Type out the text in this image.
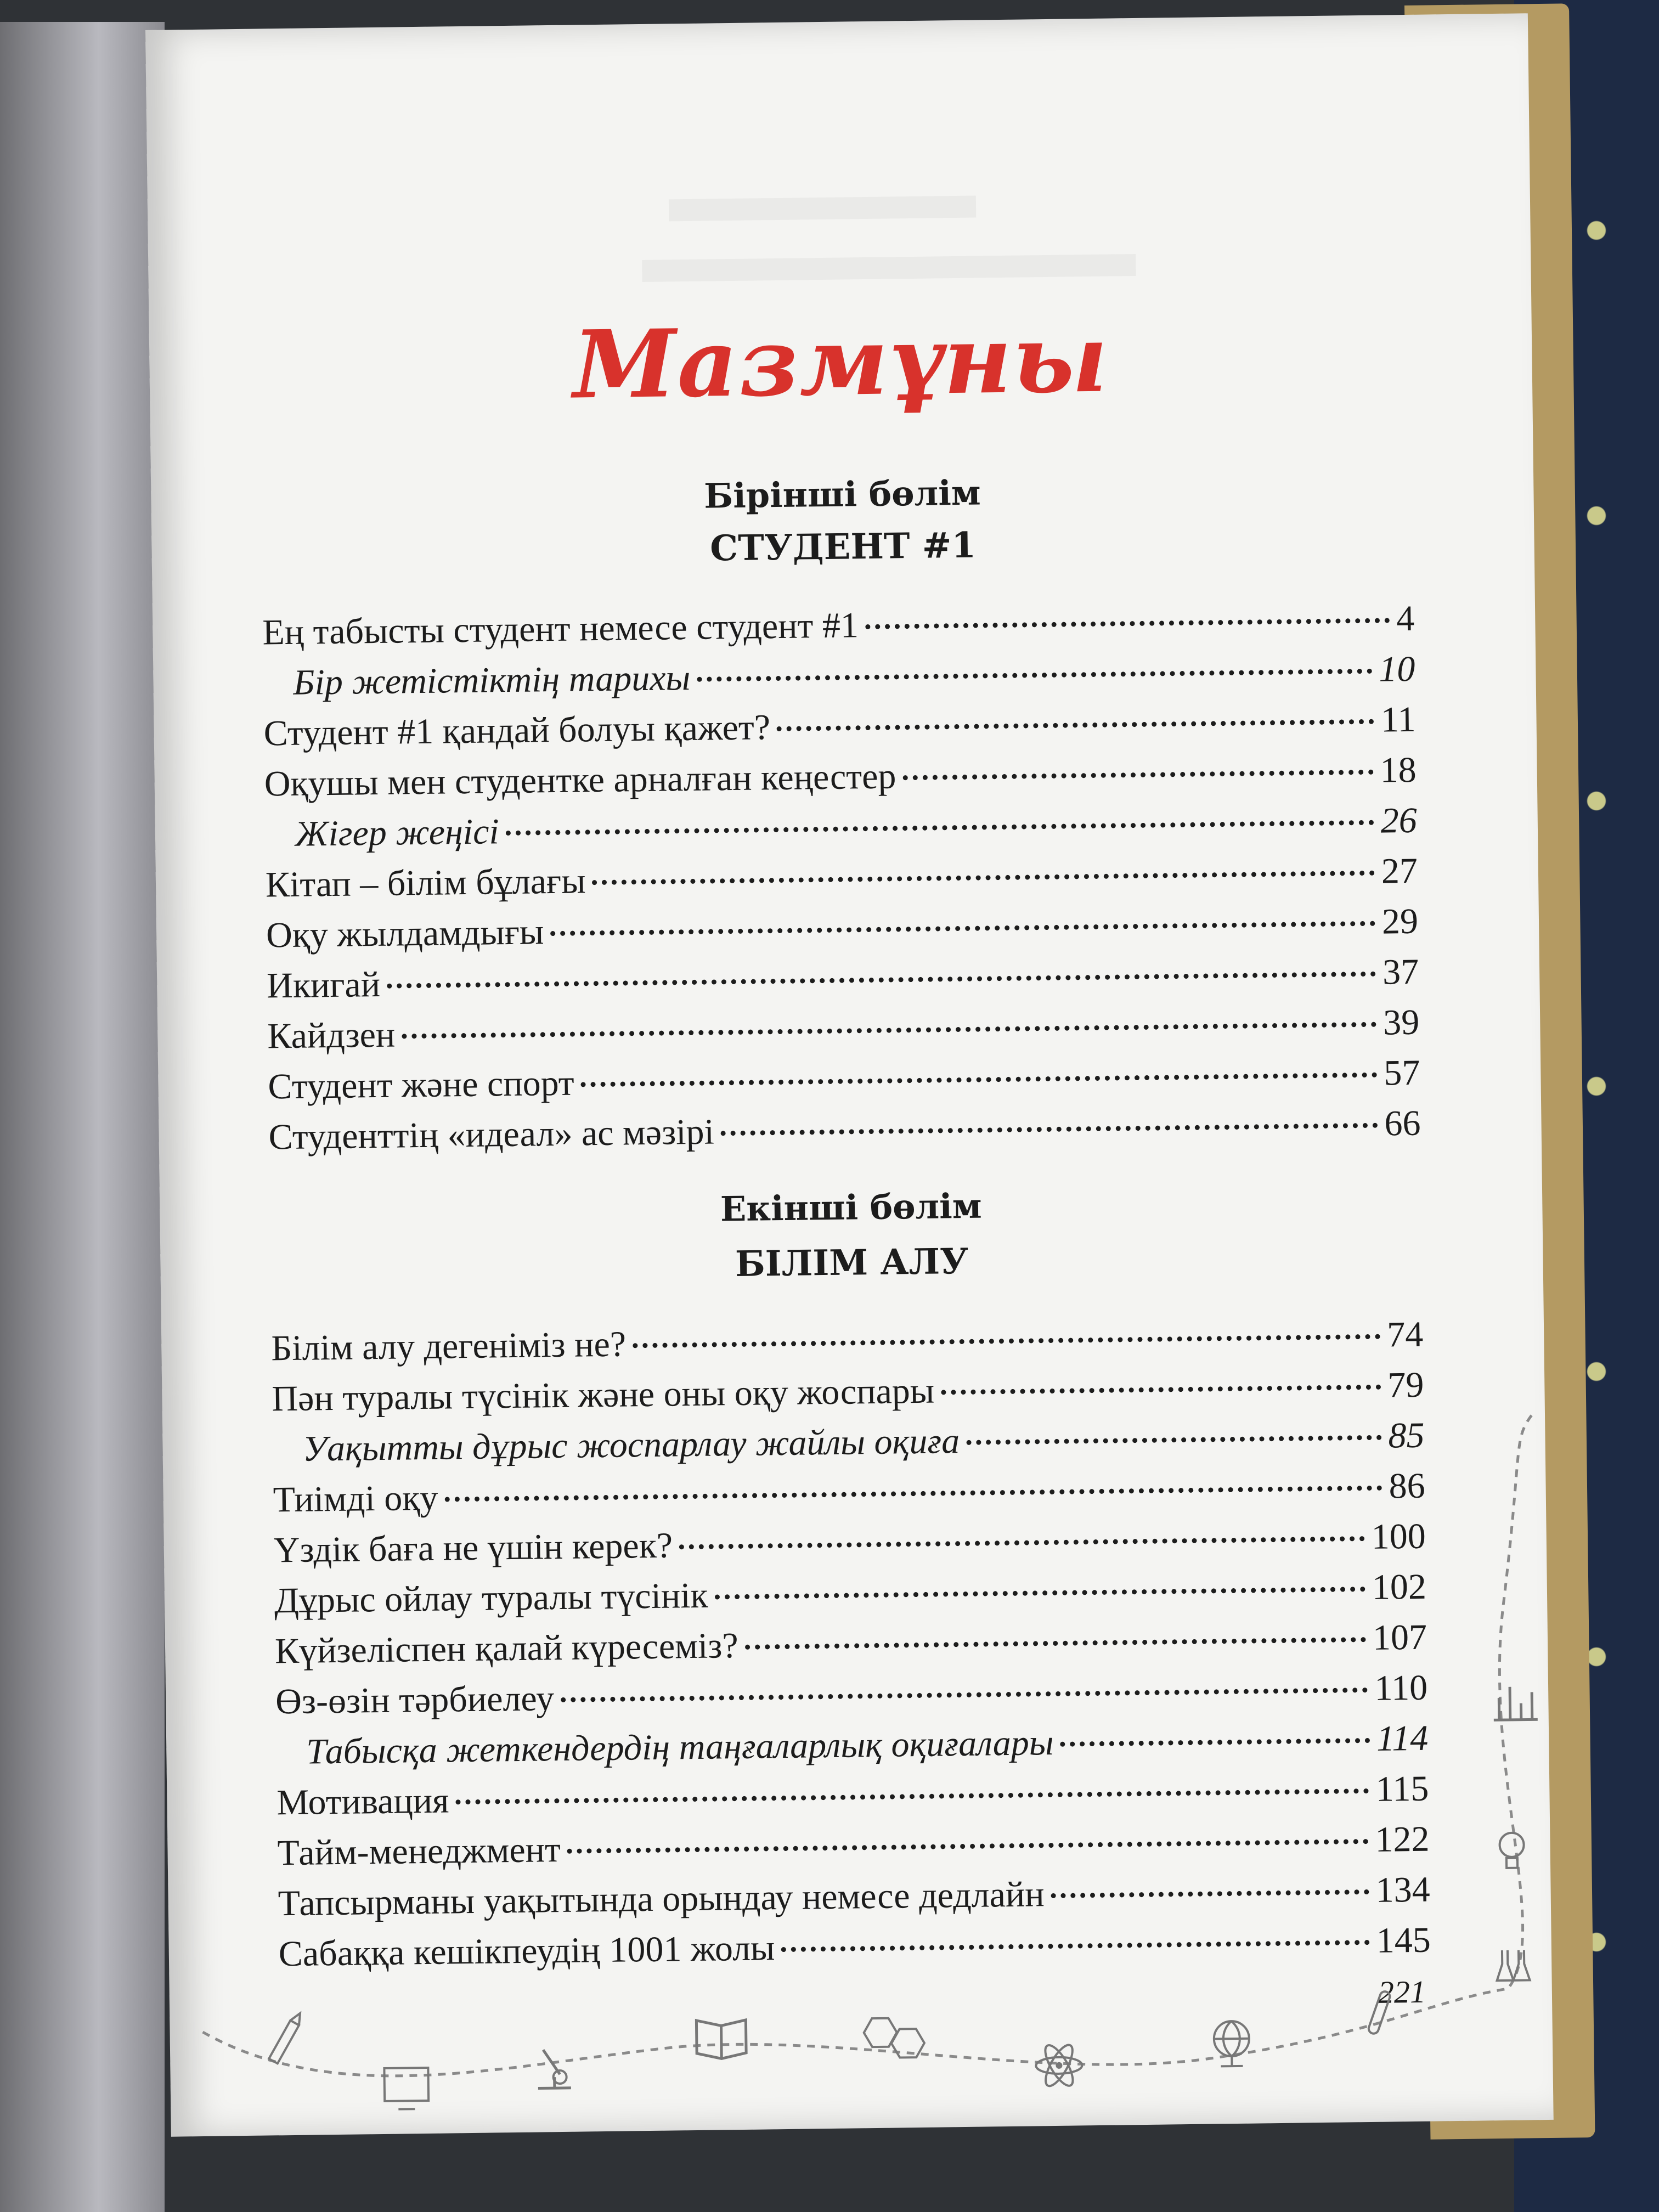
Мазмұны
Бірінші бөлім
СТУДЕНТ #1
Ең табысты студент немесе студент #1	4
Бір жетістіктің тарихы	10
Студент #1 қандай болуы қажет?	11
Оқушы мен студентке арналған кеңестер	18
Жігер жеңісі	26
Кітап – білім бұлағы	27
Оқу жылдамдығы	29
Икигай	37
Кайдзен	39
Студент және спорт	57
Студенттің «идеал» ас мәзірі	66
Екінші бөлім
БІЛІМ АЛУ
Білім алу дегеніміз не?	74
Пән туралы түсінік және оны оқу жоспары	79
Уақытты дұрыс жоспарлау жайлы оқиға	85
Тиімді оқу	86
Үздік баға не үшін керек?	100
Дұрыс ойлау туралы түсінік	102
Күйзеліспен қалай күресеміз?	107
Өз-өзін тәрбиелеу	110
Табысқа жеткендердің таңғаларлық оқиғалары	114
Мотивация	115
Тайм-менеджмент	122
Тапсырманы уақытында орындау немесе дедлайн	134
Сабаққа кешікпеудің 1001 жолы	145
221
